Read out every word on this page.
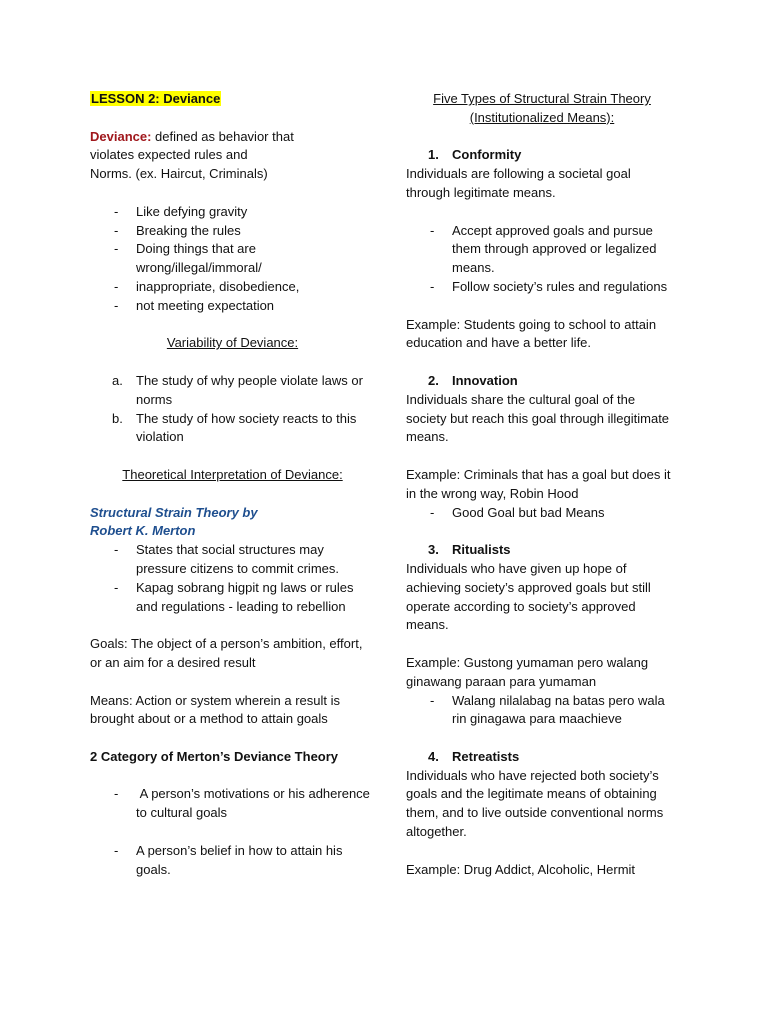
LESSON 2: Deviance

Deviance: defined as behavior that

violates expected rules and

Norms. (ex. Haircut, Criminals)

- Like defying gravity
- Breaking the rules
- Doing things that are wrong/illegal/immoral/
- inappropriate, disobedience,
- not meeting expectation

Variability of Deviance:

a. The study of why people violate laws or norms
b. The study of how society reacts to this violation

Theoretical Interpretation of Deviance:

Structural Strain Theory by

Robert K. Merton

- States that social structures may pressure citizens to commit crimes.
- Kapag sobrang higpit ng laws or rules and regulations - leading to rebellion

Goals: The object of a person’s ambition, effort, or an aim for a desired result

Means: Action or system wherein a result is brought about or a method to attain goals

2 Category of Merton’s Deviance Theory

- A person’s motivations or his adherence to cultural goals
- A person’s belief in how to attain his goals.

Five Types of Structural Strain Theory

(Institutionalized Means):

1. Conformity

Individuals are following a societal goal through legitimate means.

- Accept approved goals and pursue them through approved or legalized means.
- Follow society’s rules and regulations

Example: Students going to school to attain education and have a better life.

2. Innovation

Individuals share the cultural goal of the society but reach this goal through illegitimate means.

Example: Criminals that has a goal but does it in the wrong way, Robin Hood

- Good Goal but bad Means

3. Ritualists

Individuals who have given up hope of achieving society’s approved goals but still operate according to society’s approved means.

Example: Gustong yumaman pero walang ginawang paraan para yumaman

- Walang nilalabag na batas pero wala rin ginagawa para maachieve

4. Retreatists

Individuals who have rejected both society’s goals and the legitimate means of obtaining them, and to live outside conventional norms altogether.

Example: Drug Addict, Alcoholic, Hermit
